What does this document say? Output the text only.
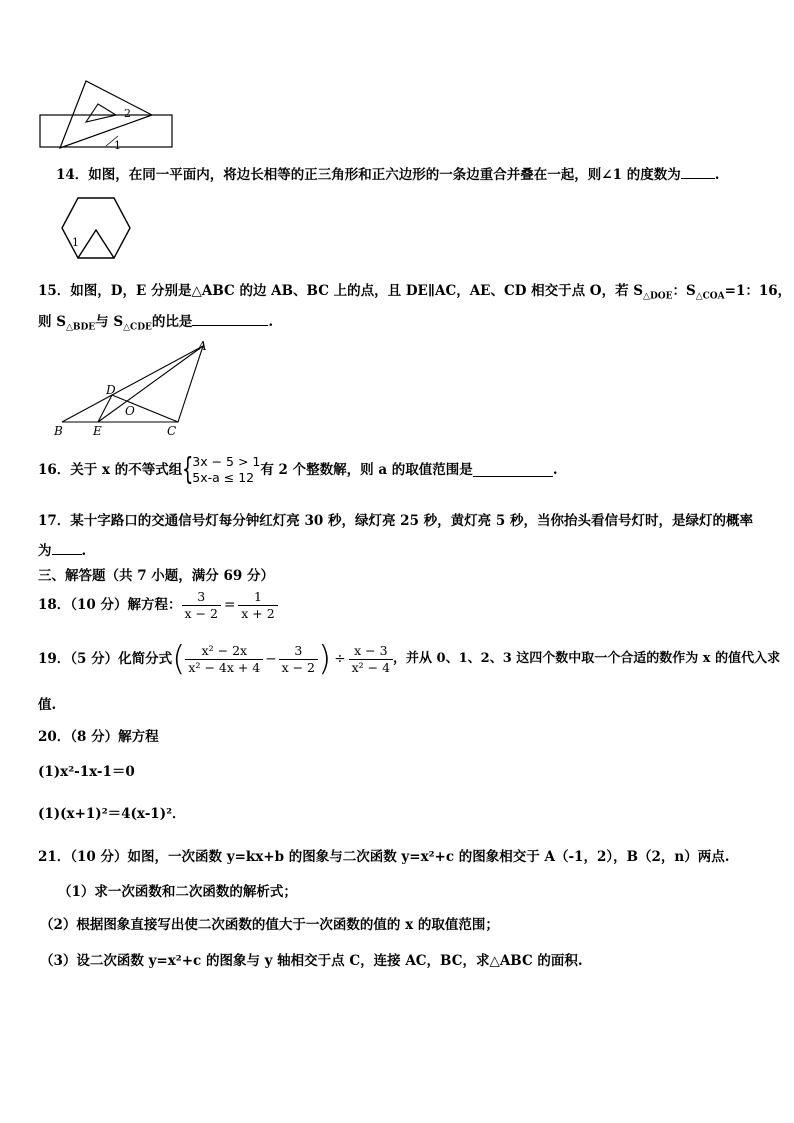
2
1
14．如图，在同一平面内，将边长相等的正三角形和正六边形的一条边重合并叠在一起，则∠1 的度数为	.
1
15．如图，D，E 分别是△ABC 的边 AB、BC 上的点，且 DE∥AC，AE、CD 相交于点 O，若 $S_{\triangle DOE}$：$S_{\triangle COA}=1$：16，
则 $S_{\triangle BDE}$与 $S_{\triangle CDE}$的比是	.
A
B	C
D
E
O
16．关于 x 的不等式组 {
3x − 5 > 1
5x-a ≤ 12 有 2 个整数解，则 a 的取值范围是	.
17．某十字路口的交通信号灯每分钟红灯亮 30 秒，绿灯亮 25 秒，黄灯亮 5 秒，当你抬头看信号灯时，是绿灯的概率
为 .
三、解答题（共 7 小题，满分 69 分）
18．（10 分）解方程： $\frac{3}{x - 2} = \frac{1}{x + 2}$
19．（5 分）化简分式 ( $\frac{\text{x² − 2x}}{\text{x² − 4x + 4}} - \frac{3}{x - 2}$ ) ÷ $\frac{x - 3}{\text{x² − 4}}$ ，并从 0、1、2、3 这四个数中取一个合适的数作为 x 的值代入求
值.
20．（8 分）解方程
(1)x²-1x-1＝0
(1)(x+1)²＝4(x-1)²．
21．（10 分）如图，一次函数 y=kx+b 的图象与二次函数 y=x²+c 的图象相交于 A（-1，2），B（2，n）两点.
（1）求一次函数和二次函数的解析式；
（2）根据图象直接写出使二次函数的值大于一次函数的值的 x 的取值范围；
（3）设二次函数 y=x²+c 的图象与 y 轴相交于点 C，连接 AC，BC，求△ABC 的面积.
